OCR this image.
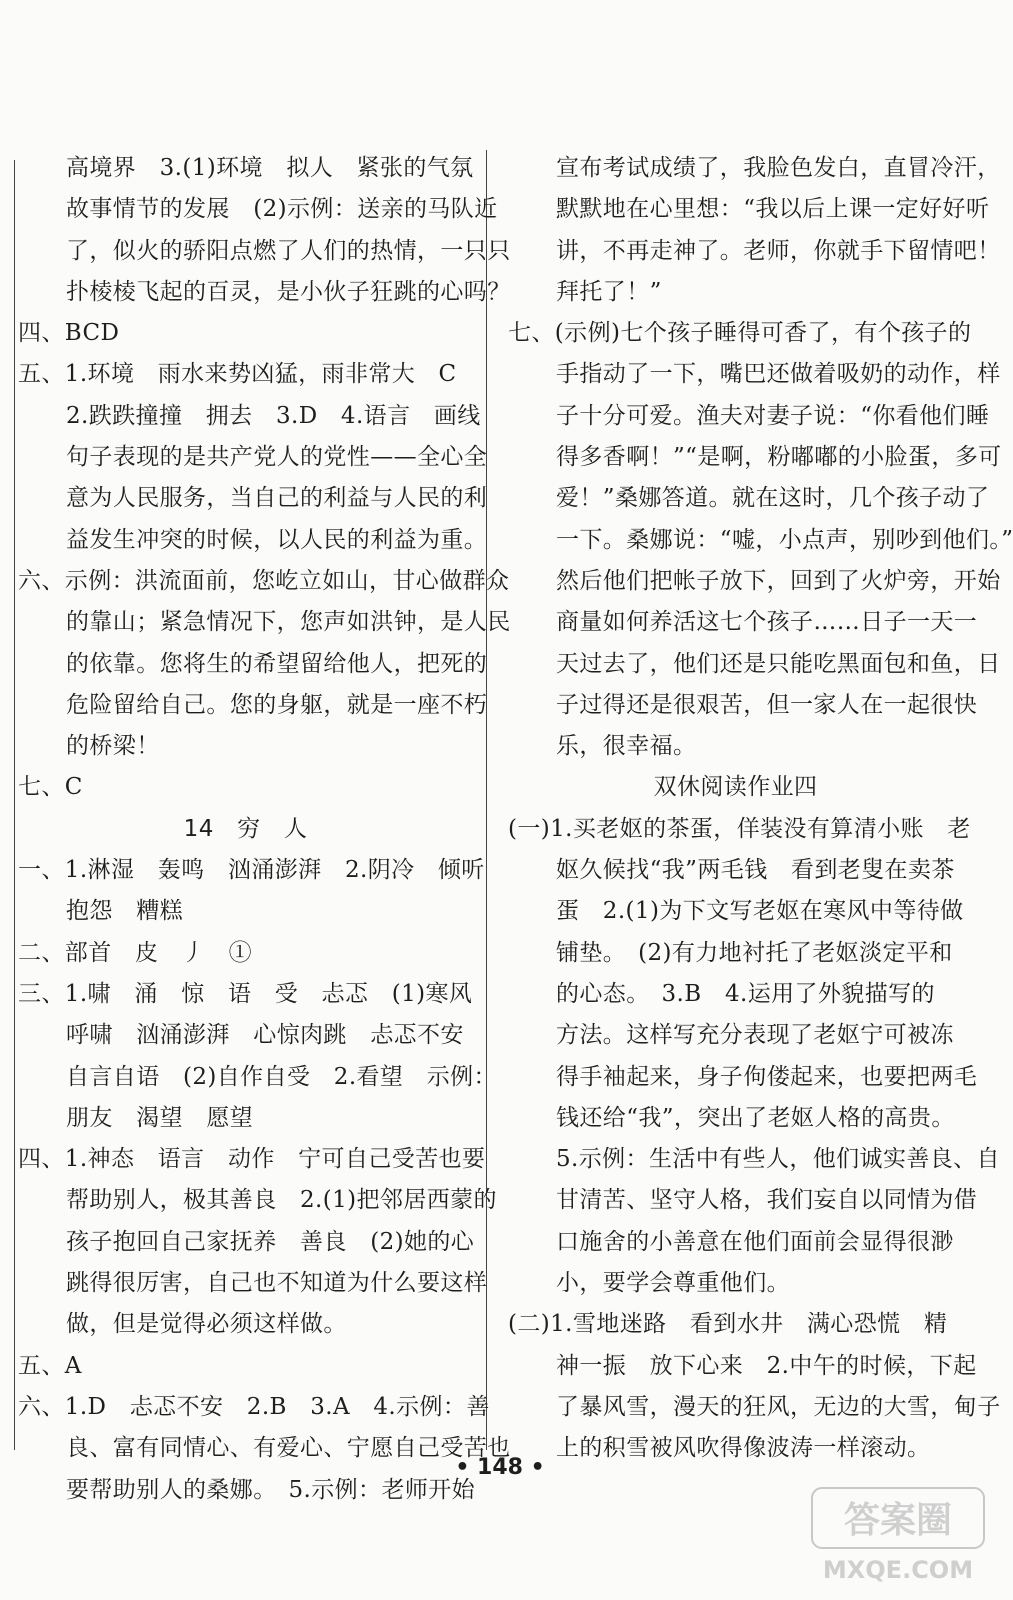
高境界　3.(1)环境　拟人　紧张的气氛
故事情节的发展　(2)示例：送亲的马队近
了，似火的骄阳点燃了人们的热情，一只只
扑棱棱飞起的百灵，是小伙子狂跳的心吗？
四、BCD
五、1.环境　雨水来势凶猛，雨非常大　C
2.跌跌撞撞　拥去　3.D　4.语言　画线
句子表现的是共产党人的党性——全心全
意为人民服务，当自己的利益与人民的利
益发生冲突的时候，以人民的利益为重。
六、示例：洪流面前，您屹立如山，甘心做群众
的靠山；紧急情况下，您声如洪钟，是人民
的依靠。您将生的希望留给他人，把死的
危险留给自己。您的身躯，就是一座不朽
的桥梁！
七、C
14　穷　人
一、1.淋湿　轰鸣　汹涌澎湃　2.阴冷　倾听
抱怨　糟糕
二、部首　皮　丿　①
三、1.啸　涌　惊　语　受　忐忑　(1)寒风
呼啸　汹涌澎湃　心惊肉跳　忐忑不安
自言自语　(2)自作自受　2.看望　示例：
朋友　渴望　愿望
四、1.神态　语言　动作　宁可自己受苦也要
帮助别人，极其善良　2.(1)把邻居西蒙的
孩子抱回自己家抚养　善良　(2)她的心
跳得很厉害，自己也不知道为什么要这样
做，但是觉得必须这样做。
五、A
六、1.D　忐忑不安　2.B　3.A　4.示例：善
良、富有同情心、有爱心、宁愿自己受苦也
要帮助别人的桑娜。　5.示例：老师开始
宣布考试成绩了，我脸色发白，直冒冷汗，
默默地在心里想：“我以后上课一定好好听
讲，不再走神了。老师，你就手下留情吧！
拜托了！”
七、(示例)七个孩子睡得可香了，有个孩子的
手指动了一下，嘴巴还做着吸奶的动作，样
子十分可爱。渔夫对妻子说：“你看他们睡
得多香啊！”“是啊，粉嘟嘟的小脸蛋，多可
爱！”桑娜答道。就在这时，几个孩子动了
一下。桑娜说：“嘘，小点声，别吵到他们。”
然后他们把帐子放下，回到了火炉旁，开始
商量如何养活这七个孩子……日子一天一
天过去了，他们还是只能吃黑面包和鱼，日
子过得还是很艰苦，但一家人在一起很快
乐，很幸福。
双休阅读作业四
(一)1.买老妪的茶蛋，佯装没有算清小账　老
妪久候找“我”两毛钱　看到老叟在卖茶
蛋　2.(1)为下文写老妪在寒风中等待做
铺垫。　(2)有力地衬托了老妪淡定平和
的心态。　3.B　4.运用了外貌描写的
方法。这样写充分表现了老妪宁可被冻
得手袖起来，身子佝偻起来，也要把两毛
钱还给“我”，突出了老妪人格的高贵。
5.示例：生活中有些人，他们诚实善良、自
甘清苦、坚守人格，我们妄自以同情为借
口施舍的小善意在他们面前会显得很渺
小，要学会尊重他们。
(二)1.雪地迷路　看到水井　满心恐慌　精
神一振　放下心来　2.中午的时候，下起
了暴风雪，漫天的狂风，无边的大雪，甸子
上的积雪被风吹得像波涛一样滚动。
• 148 •
答案圈
MXQE.COM
